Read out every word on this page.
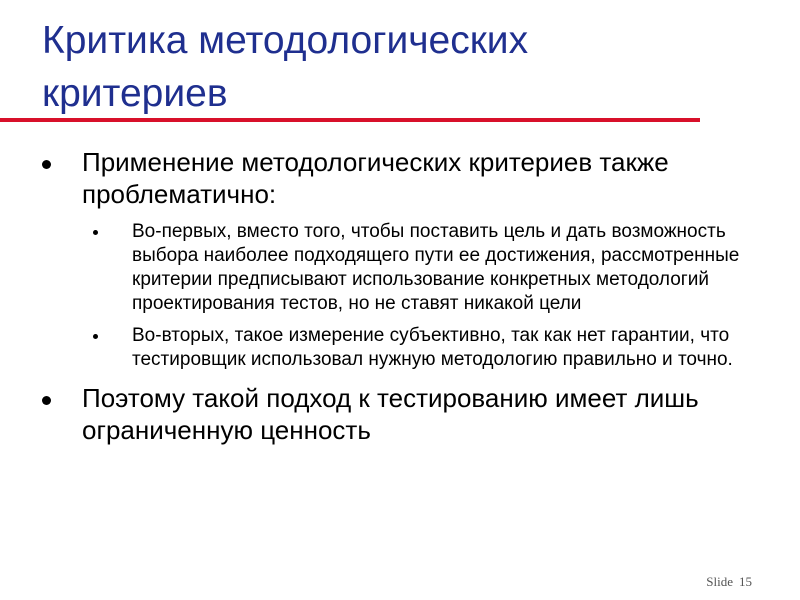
Критика методологических критериев
Применение методологических критериев также проблематично:
Во-первых, вместо того, чтобы поставить цель и дать возможность выбора наиболее подходящего пути ее достижения, рассмотренные критерии предписывают использование конкретных методологий проектирования тестов, но не ставят никакой цели
Во-вторых, такое измерение субъективно, так как нет гарантии, что тестировщик использовал нужную методологию правильно и точно.
Поэтому такой подход к тестированию имеет лишь ограниченную ценность
Slide 15
